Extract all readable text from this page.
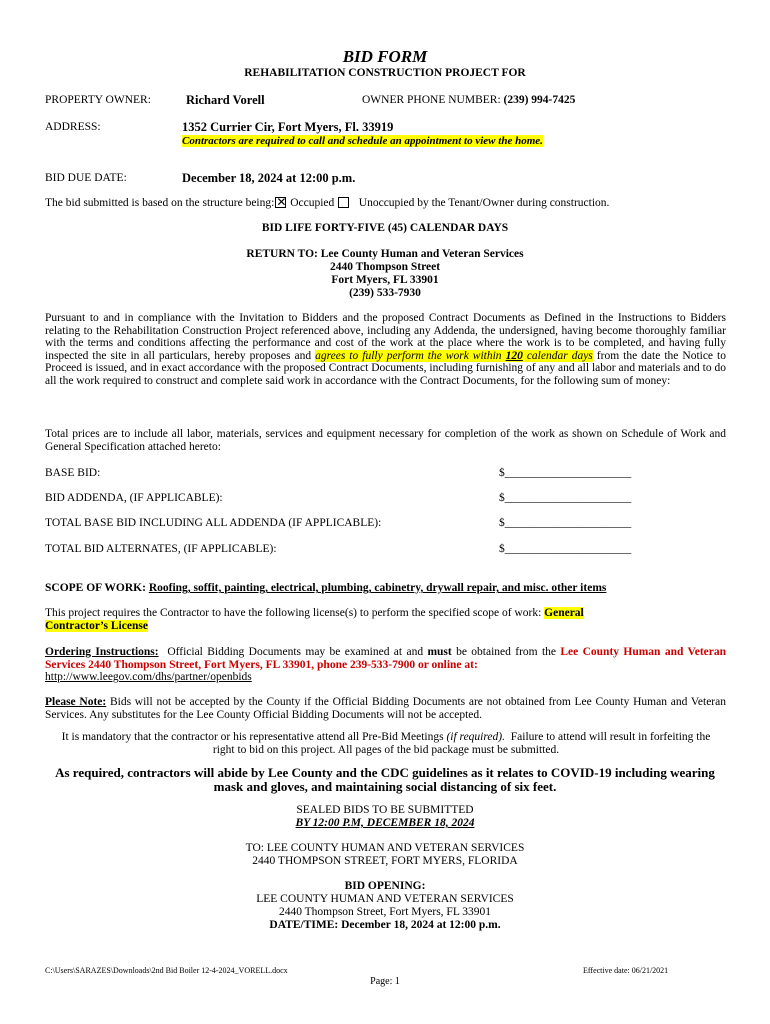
BID FORM
REHABILITATION CONSTRUCTION PROJECT FOR
PROPERTY OWNER:	Richard Vorell	OWNER PHONE NUMBER: (239) 994-7425
ADDRESS:	1352 Currier Cir, Fort Myers, Fl. 33919
Contractors are required to call and schedule an appointment to view the home.
BID DUE DATE:	December 18, 2024 at 12:00 p.m.
The bid submitted is based on the structure being: ✕ Occupied Unoccupied by the Tenant/Owner during construction.
BID LIFE FORTY-FIVE (45) CALENDAR DAYS
RETURN TO: Lee County Human and Veteran Services
2440 Thompson Street
Fort Myers, FL 33901
(239) 533-7930
Pursuant to and in compliance with the Invitation to Bidders and the proposed Contract Documents as Defined in the Instructions to Bidders relating to the Rehabilitation Construction Project referenced above, including any Addenda, the undersigned, having become thoroughly familiar with the terms and conditions affecting the performance and cost of the work at the place where the work is to be completed, and having fully inspected the site in all particulars, hereby proposes and agrees to fully perform the work within 120 calendar days from the date the Notice to Proceed is issued, and in exact accordance with the proposed Contract Documents, including furnishing of any and all labor and materials and to do all the work required to construct and complete said work in accordance with the Contract Documents, for the following sum of money:
Total prices are to include all labor, materials, services and equipment necessary for completion of the work as shown on Schedule of Work and General Specification attached hereto:
BASE BID:	$______________________
BID ADDENDA, (IF APPLICABLE):	$______________________
TOTAL BASE BID INCLUDING ALL ADDENDA (IF APPLICABLE):	$______________________
TOTAL BID ALTERNATES, (IF APPLICABLE):	$______________________
SCOPE OF WORK: Roofing, soffit, painting, electrical, plumbing, cabinetry, drywall repair, and misc. other items
This project requires the Contractor to have the following license(s) to perform the specified scope of work: General
Contractor’s License
Ordering Instructions: Official Bidding Documents may be examined at and must be obtained from the Lee County Human and Veteran Services 2440 Thompson Street, Fort Myers, FL 33901, phone 239-533-7900 or online at:
http://www.leegov.com/dhs/partner/openbids
Please Note: Bids will not be accepted by the County if the Official Bidding Documents are not obtained from Lee County Human and Veteran Services. Any substitutes for the Lee County Official Bidding Documents will not be accepted.
It is mandatory that the contractor or his representative attend all Pre-Bid Meetings (if required). Failure to attend will result in forfeiting the right to bid on this project. All pages of the bid package must be submitted.
As required, contractors will abide by Lee County and the CDC guidelines as it relates to COVID-19 including wearing mask and gloves, and maintaining social distancing of six feet.
SEALED BIDS TO BE SUBMITTED
BY 12:00 P.M, DECEMBER 18, 2024
TO: LEE COUNTY HUMAN AND VETERAN SERVICES
2440 THOMPSON STREET, FORT MYERS, FLORIDA
BID OPENING:
LEE COUNTY HUMAN AND VETERAN SERVICES
2440 Thompson Street, Fort Myers, FL 33901
DATE/TIME: December 18, 2024 at 12:00 p.m.
C:\Users\SARAZES\Downloads\2nd Bid Boiler 12-4-2024_VORELL.docx	Effective date: 06/21/2021
Page: 1
